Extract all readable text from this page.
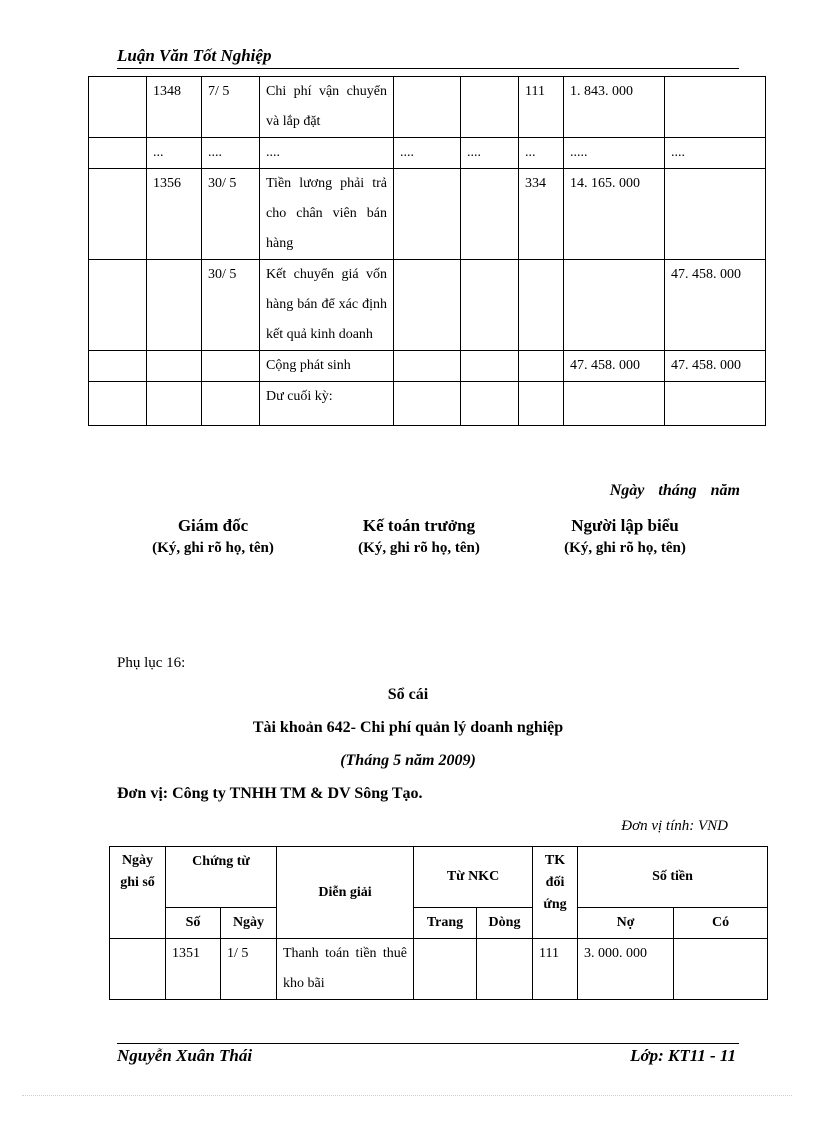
Luận Văn Tốt Nghiệp
	1348	7/ 5	Chi phí vận chuyển và lắp đặt			111	1. 843. 000	
	...	....	....	....	....	...	.....	....
	1356	30/ 5	Tiền lương phải trả cho chân viên bán hàng			334	14. 165. 000	
		30/ 5	Kết chuyển giá vốn hàng bán để xác định kết quả kinh doanh					47. 458. 000
			Cộng phát sinh				47. 458. 000	47. 458. 000
			Dư cuối kỳ:					
Ngày tháng năm
Giám đốc
(Ký, ghi rõ họ, tên)
Kế toán trưởng
(Ký, ghi rõ họ, tên)
Người lập biểu
(Ký, ghi rõ họ, tên)
Phụ lục 16:
Sổ cái
Tài khoản 642- Chi phí quản lý doanh nghiệp
(Tháng 5 năm 2009)
Đơn vị: Công ty TNHH TM & DV Sông Tạo.
Đơn vị tính: VND
Ngày ghi sổ	Chứng từ		Diễn giải	Từ NKC		TK đối ứng	Số tiền	
	Số	Ngày		Trang	Dòng		Nợ	Có
	1351	1/ 5	Thanh toán tiền thuê kho bãi			111	3. 000. 000	
Nguyễn Xuân Thái	Lớp: KT11 - 11
